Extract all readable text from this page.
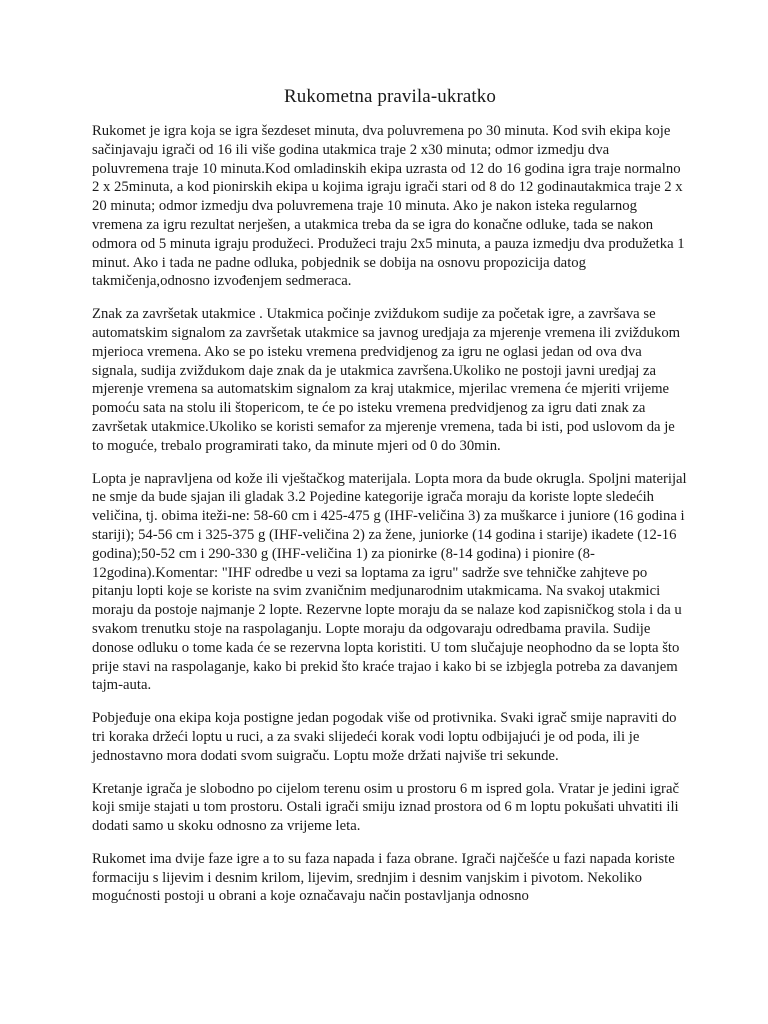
Rukometna pravila-ukratko

Rukomet je igra koja se igra šezdeset minuta, dva poluvremena po 30 minuta. Kod svih ekipa koje sačinjavaju igrači od 16 ili više godina utakmica traje 2 x30 minuta; odmor izmedju dva poluvremena traje 10 minuta.Kod omladinskih ekipa uzrasta od 12 do 16 godina igra traje normalno 2 x 25minuta, a kod pionirskih ekipa u kojima igraju igrači stari od 8 do 12 godinautakmica traje 2 x 20 minuta; odmor izmedju dva poluvremena traje 10 minuta. Ako je nakon isteka regularnog vremena za igru rezultat nerješen, a utakmica treba da se igra do konačne odluke, tada se nakon odmora od 5 minuta igraju produžeci. Produžeci traju 2x5 minuta, a pauza izmedju dva produžetka 1 minut. Ako i tada ne padne odluka, pobjednik se dobija na osnovu propozicija datog takmičenja,odnosno izvođenjem sedmeraca.

Znak za završetak utakmice . Utakmica počinje zviždukom sudije za početak igre, a završava se automatskim signalom za završetak utakmice sa javnog uredjaja za mjerenje vremena ili zviždukom mjerioca vremena. Ako se po isteku vremena predvidjenog za igru ne oglasi jedan od ova dva signala, sudija zviždukom daje znak da je utakmica završena.Ukoliko ne postoji javni uredjaj za mjerenje vremena sa automatskim signalom za kraj utakmice, mjerilac vremena će mjeriti vrijeme pomoću sata na stolu ili štopericom, te će po isteku vremena predvidjenog za igru dati znak za završetak utakmice.Ukoliko se koristi semafor za mjerenje vremena, tada bi isti, pod uslovom da je to moguće, trebalo programirati tako, da minute mjeri od 0 do 30min.

Lopta je napravljena od kože ili vještačkog materijala. Lopta mora da bude okrugla. Spoljni materijal ne smje da bude sjajan ili gladak 3.2 Pojedine kategorije igrača moraju da koriste lopte sledećih veličina, tj. obima iteži-ne: 58-60 cm i 425-475 g (IHF-veličina 3) za muškarce i juniore (16 godina i stariji); 54-56 cm i 325-375 g (IHF-veličina 2) za žene, juniorke (14 godina i starije) ikadete (12-16 godina);50-52 cm i 290-330 g (IHF-veličina 1) za pionirke (8-14 godina) i pionire (8-12godina).Komentar: "IHF odredbe u vezi sa loptama za igru" sadrže sve tehničke zahjteve po pitanju lopti koje se koriste na svim zvaničnim medjunarodnim utakmicama. Na svakoj utakmici moraju da postoje najmanje 2 lopte. Rezervne lopte moraju da se nalaze kod zapisničkog stola i da u svakom trenutku stoje na raspolaganju. Lopte moraju da odgovaraju odredbama pravila. Sudije donose odluku o tome kada će se rezervna lopta koristiti. U tom slučajuje neophodno da se lopta što prije stavi na raspolaganje, kako bi prekid što kraće trajao i kako bi se izbjegla potreba za davanjem tajm-auta.

Pobjeđuje ona ekipa koja postigne jedan pogodak više od protivnika. Svaki igrač smije napraviti do tri koraka držeći loptu u ruci, a za svaki slijedeći korak vodi loptu odbijajući je od podа, ili je jednostavno mora dodati svom suigraču. Loptu može držati najviše tri sekunde.

Kretanje igrača je slobodno po cijelom terenu osim u prostoru 6 m ispred gola. Vratar je jedini igrač koji smije stajati u tom prostoru. Ostali igrači smiju iznad prostora od 6 m loptu pokušati uhvatiti ili dodati samo u skoku odnosno za vrijeme leta.

Rukomet ima dvije faze igre a to su faza napada i faza obrane. Igrači najčešće u fazi napada koriste formaciju s lijevim i desnim krilom, lijevim, srednjim i desnim vanjskim i pivotom. Nekoliko mogućnosti postoji u obrani a koje označavaju način postavljanja odnosno
